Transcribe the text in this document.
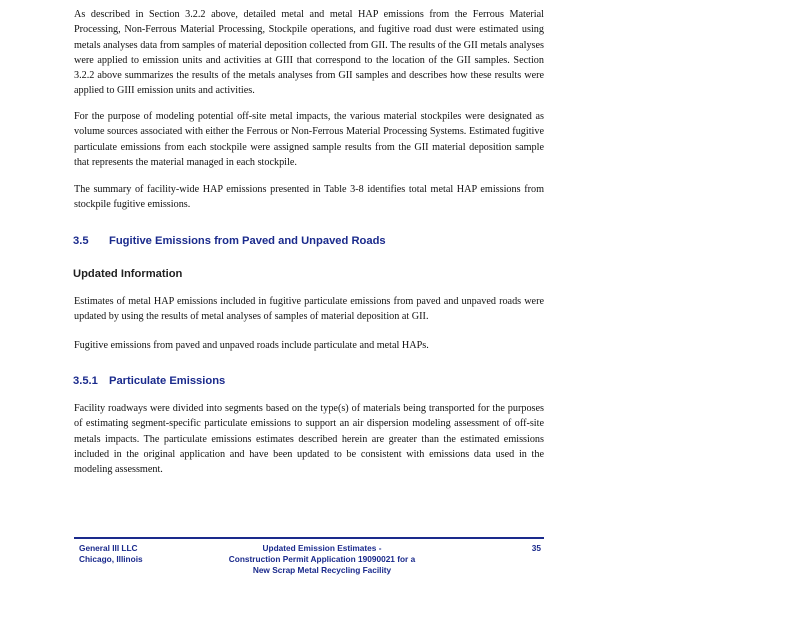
As described in Section 3.2.2 above, detailed metal and metal HAP emissions from the Ferrous Material Processing, Non-Ferrous Material Processing, Stockpile operations, and fugitive road dust were estimated using metals analyses data from samples of material deposition collected from GII. The results of the GII metals analyses were applied to emission units and activities at GIII that correspond to the location of the GII samples. Section 3.2.2 above summarizes the results of the metals analyses from GII samples and describes how these results were applied to GIII emission units and activities.

For the purpose of modeling potential off-site metal impacts, the various material stockpiles were designated as volume sources associated with either the Ferrous or Non-Ferrous Material Processing Systems. Estimated fugitive particulate emissions from each stockpile were assigned sample results from the GII material deposition sample that represents the material managed in each stockpile.

The summary of facility-wide HAP emissions presented in Table 3-8 identifies total metal HAP emissions from stockpile fugitive emissions.

3.5 Fugitive Emissions from Paved and Unpaved Roads
Updated Information

Estimates of metal HAP emissions included in fugitive particulate emissions from paved and unpaved roads were updated by using the results of metal analyses of samples of material deposition at GII.

Fugitive emissions from paved and unpaved roads include particulate and metal HAPs.

3.5.1 Particulate Emissions

Facility roadways were divided into segments based on the type(s) of materials being transported for the purposes of estimating segment-specific particulate emissions to support an air dispersion modeling assessment of off-site metals impacts. The particulate emissions estimates described herein are greater than the estimated emissions included in the original application and have been updated to be consistent with emissions data used in the modeling assessment.

General III LLC
Chicago, Illinois
Updated Emission Estimates -
Construction Permit Application 19090021 for a
New Scrap Metal Recycling Facility
35
